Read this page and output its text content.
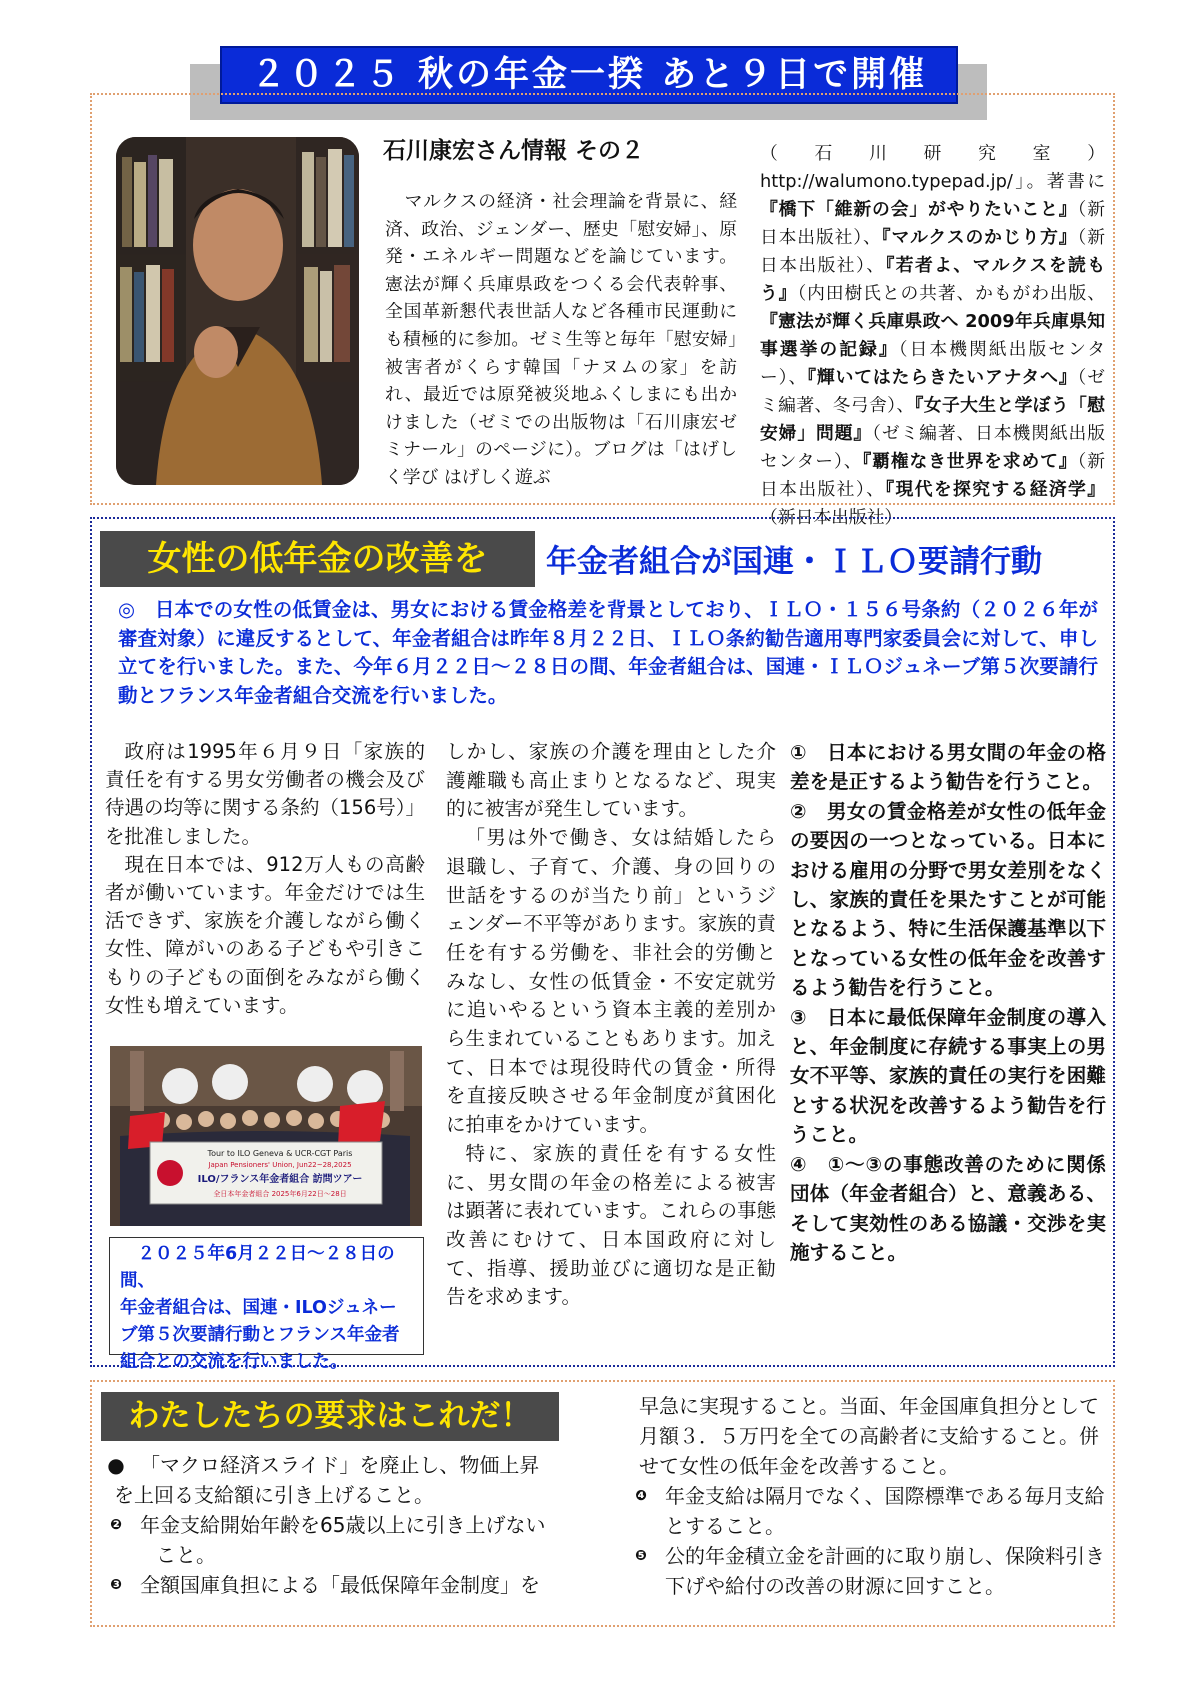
２０２５ 秋の年金一揆 あと９日で開催
石川康宏さん情報 その２
マルクスの経済・社会理論を背景に、経済、政治、ジェンダー、歴史「慰安婦」、原発・エネルギー問題などを論じています。憲法が輝く兵庫県政をつくる会代表幹事、全国革新懇代表世話人など各種市民運動にも積極的に参加。ゼミ生等と毎年「慰安婦」被害者がくらす韓国「ナヌムの家」を訪れ、最近では原発被災地ふくしまにも出かけました（ゼミでの出版物は「石川康宏ゼミナール」のページに）。ブログは「はげしく学び はげしく遊ぶ
（石川研究室）http://walumono.typepad.jp/」。著書に『橋下「維新の会」がやりたいこと』（新日本出版社）、『マルクスのかじり方』（新日本出版社）、『若者よ、マルクスを読もう』（内田樹氏との共著、かもがわ出版、『憲法が輝く兵庫県政へ 2009年兵庫県知事選挙の記録』（日本機関紙出版センター）、『輝いてはたらきたいアナタへ』（ゼミ編著、冬弓舎）、『女子大生と学ぼう「慰安婦」問題』（ゼミ編著、日本機関紙出版センター）、『覇権なき世界を求めて』（新日本出版社）、『現代を探究する経済学』（新日本出版社）
女性の低年金の改善を	年金者組合が国連・ＩＬＯ要請行動
◎　 日本での女性の低賃金は、男女における賃金格差を背景としており、ＩＬＯ・１５６号条約（２０２６年が審査対象）に違反するとして、年金者組合は昨年８月２２日、ＩＬＯ条約勧告適用専門家委員会に対して、申し立てを行いました。また、今年６月２２日～２８日の間、年金者組合は、国連・ＩＬＯジュネーブ第５次要請行動とフランス年金者組合交流を行いました。

政府は1995年６月９日「家族的責任を有する男女労働者の機会及び待遇の均等に関する条約（156号）」を批准しました。

現在日本では、912万人もの高齢者が働いています。年金だけでは生活できず、家族を介護しながら働く女性、障がいのある子どもや引きこもりの子どもの面倒をみながら働く女性も増えています。

Tour to ILO Geneva & UCR-CGT Paris
Japan Pensioners' Union, Jun22~28,2025
ILO/フランス年金者組合 訪問ツアー
全日本年金者組合 2025年6月22日～28日
２０２５年6月２２日～２８日の間、
年金者組合は、国連・ILOジュネー
ブ第５次要請行動とフランス年金者
組合との交流を行いました。

しかし、家族の介護を理由とした介護離職も高止まりとなるなど、現実的に被害が発生しています。

「男は外で働き、女は結婚したら退職し、子育て、介護、身の回りの世話をするのが当たり前」というジェンダー不平等があります。家族的責任を有する労働を、非社会的労働とみなし、女性の低賃金・不安定就労に追いやるという資本主義的差別から生まれていることもあります。加えて、日本では現役時代の賃金・所得を直接反映させる年金制度が貧困化に拍車をかけています。

特に、家族的責任を有する女性に、男女間の年金の格差による被害は顕著に表れています。これらの事態改善にむけて、日本国政府に対して、指導、援助並びに適切な是正勧告を求めます。

①　日本における男女間の年金の格差を是正するよう勧告を行うこと。

②　男女の賃金格差が女性の低年金の要因の一つとなっている。日本における雇用の分野で男女差別をなくし、家族的責任を果たすことが可能となるよう、特に生活保護基準以下となっている女性の低年金を改善するよう勧告を行うこと。

③　日本に最低保障年金制度の導入と、年金制度に存続する事実上の男女不平等、家族的責任の実行を困難とする状況を改善するよう勧告を行うこと。

④　①～③の事態改善のために関係団体（年金者組合）と、意義ある、そして実効性のある協議・交渉を実施すること。

わたしたちの要求はこれだ！
● 「マクロ経済スライド」を廃止し、物価上昇
を上回る支給額に引き上げること。
❷ 年金支給開始年齢を65歳以上に引き上げない
こと。
❸ 全額国庫負担による「最低保障年金制度」を
早急に実現すること。当面、年金国庫負担分として月額３．５万円を全ての高齢者に支給すること。併せて女性の低年金を改善すること。
❹ 年金支給は隔月でなく、国際標準である毎月支給とすること。
❺ 公的年金積立金を計画的に取り崩し、保険料引き下げや給付の改善の財源に回すこと。
